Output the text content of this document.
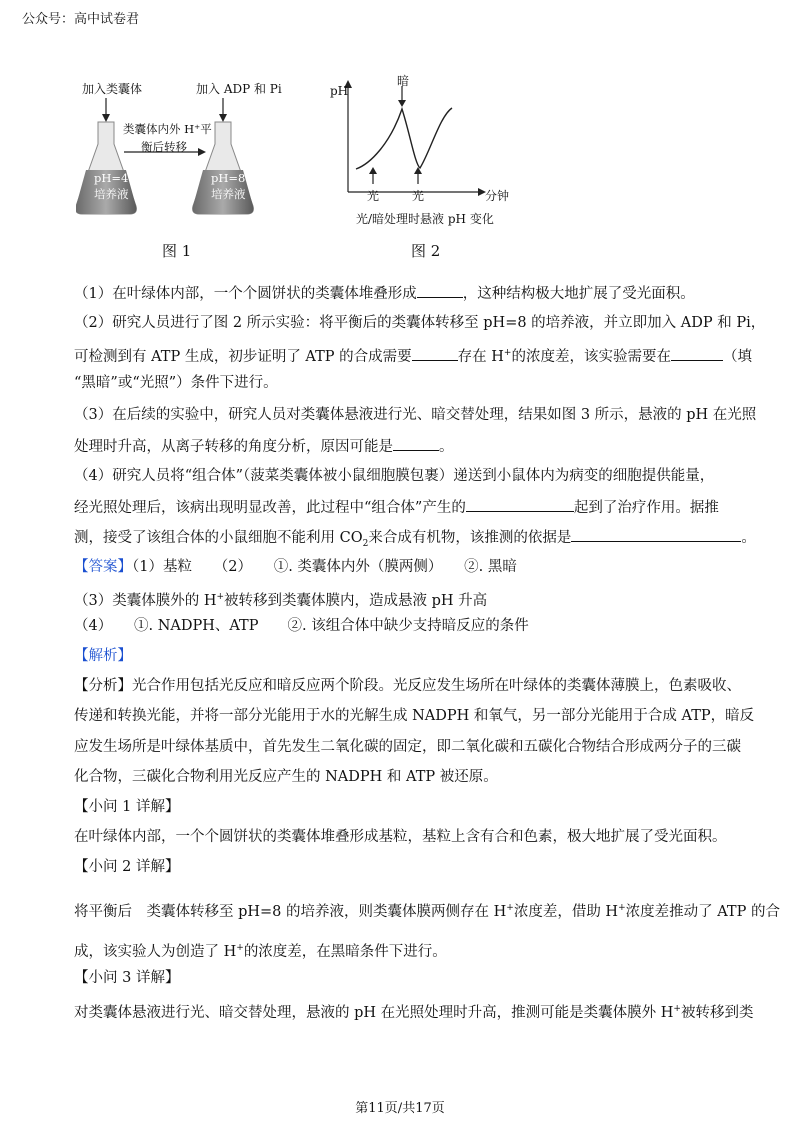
公众号：高中试卷君
加入类囊体	加入 ADP 和 Pi
类囊体内外 H⁺平
衡后转移
pH=4
培养液
pH=8
培养液
图 1
pH
暗
光	光	分钟
光/暗处理时悬液 pH 变化
图 2
（1）在叶绿体内部，一个个圆饼状的类囊体堆叠形成	，这种结构极大地扩展了受光面积。
（2）研究人员进行了图 2 所示实验：将平衡后的类囊体转移至 pH=8 的培养液，并立即加入 ADP 和 Pi，
可检测到有 ATP 生成，初步证明了 ATP 的合成需要	存在 H+的浓度差，该实验需要在	（填
“黑暗”或“光照”）条件下进行。
（3）在后续的实验中，研究人员对类囊体悬液进行光、暗交替处理，结果如图 3 所示，悬液的 pH 在光照
处理时升高，从离子转移的角度分析，原因可能是	。
（4）研究人员将“组合体”（菠菜类囊体被小鼠细胞膜包裹）递送到小鼠体内为病变的细胞提供能量，
经光照处理后，该病出现明显改善，此过程中“组合体”产生的	起到了治疗作用。据推
测，接受了该组合体的小鼠细胞不能利用 $CO_2$来合成有机物，该推测的依据是	。
【答案】（1）基粒　　（2）　　①. 类囊体内外（膜两侧）　　②. 黑暗
（3）类囊体膜外的 H+被转移到类囊体膜内，造成悬液 pH 升高
（4）　　①. NADPH、ATP　　②. 该组合体中缺少支持暗反应的条件
【解析】
【分析】光合作用包括光反应和暗反应两个阶段。光反应发生场所在叶绿体的类囊体薄膜上，色素吸收、
传递和转换光能，并将一部分光能用于水的光解生成 NADPH 和氧气，另一部分光能用于合成 ATP，暗反
应发生场所是叶绿体基质中，首先发生二氧化碳的固定，即二氧化碳和五碳化合物结合形成两分子的三碳
化合物，三碳化合物利用光反应产生的 NADPH 和 ATP 被还原。
【小问 1 详解】
在叶绿体内部，一个个圆饼状的类囊体堆叠形成基粒，基粒上含有合和色素，极大地扩展了受光面积。
【小问 2 详解】
将平衡后　类囊体转移至 pH=8 的培养液，则类囊体膜两侧存在 H+浓度差，借助 H+浓度差推动了 ATP 的合
成，该实验人为创造了 H+的浓度差，在黑暗条件下进行。
【小问 3 详解】
对类囊体悬液进行光、暗交替处理，悬液的 pH 在光照处理时升高，推测可能是类囊体膜外 H+被转移到类
第11页/共17页
